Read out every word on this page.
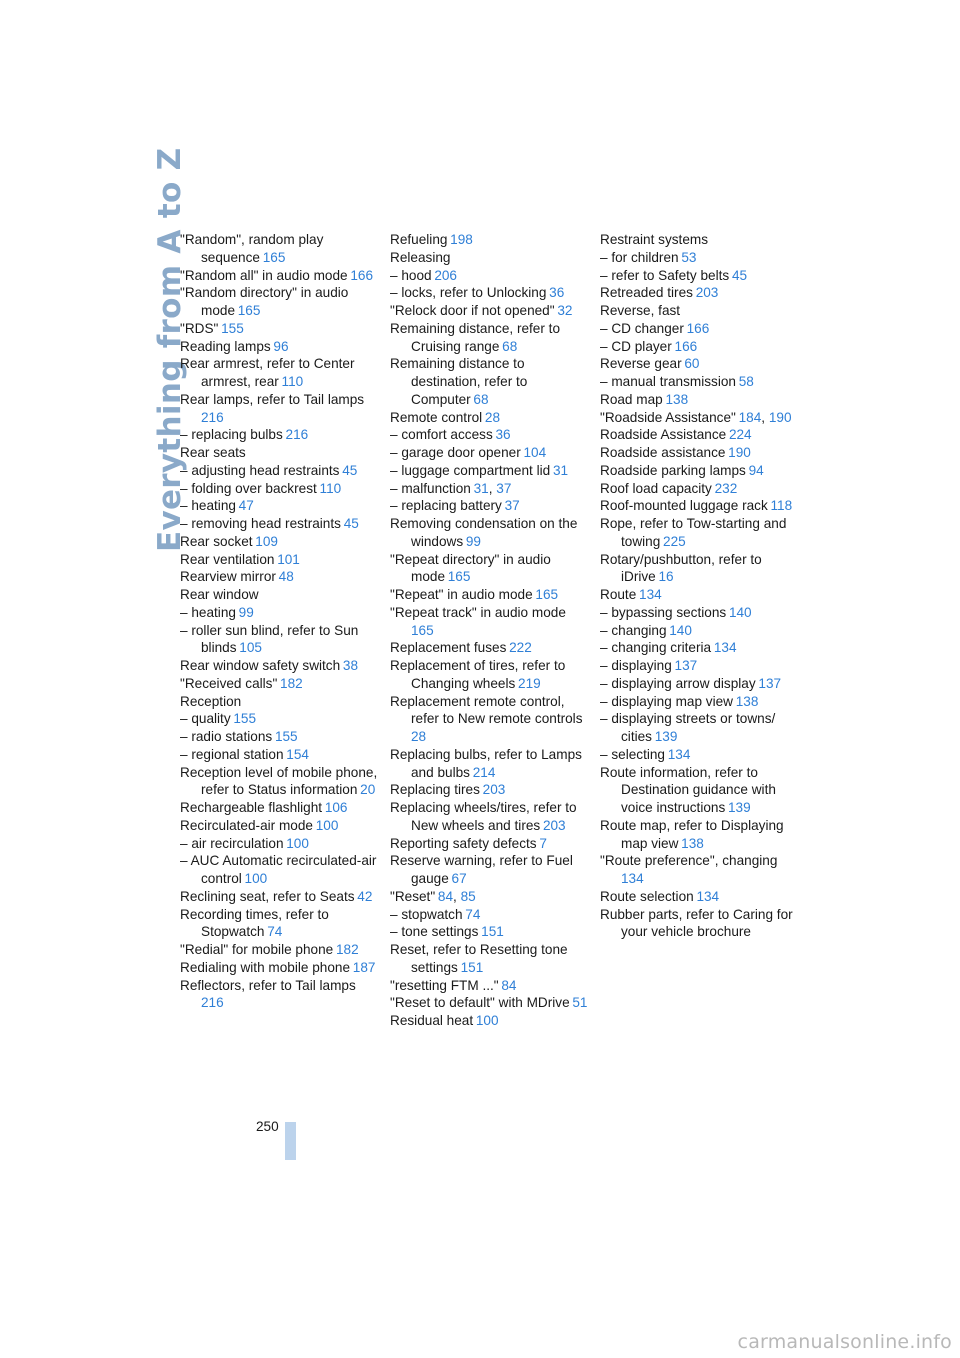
Everything from A to Z
"Random", random play sequence  165
"Random all" in audio mode  166
"Random directory" in audio mode  165
"RDS"  155
Reading lamps  96
Rear armrest, refer to Center armrest, rear  110
Rear lamps, refer to Tail lamps 216
– replacing bulbs  216
Rear seats
– adjusting head restraints  45
– folding over backrest  110
– heating  47
– removing head restraints  45
Rear socket  109
Rear ventilation  101
Rearview mirror  48
Rear window
– heating  99
– roller sun blind, refer to Sun blinds  105
Rear window safety switch  38
"Received calls"  182
Reception
– quality  155
– radio stations  155
– regional station  154
Reception level of mobile phone, refer to Status information  20
Rechargeable flashlight  106
Recirculated-air mode  100
– air recirculation  100
– AUC Automatic recirculated-air control  100
Reclining seat, refer to Seats  42
Recording times, refer to Stopwatch  74
"Redial" for mobile phone  182
Redialing with mobile phone  187
Reflectors, refer to Tail lamps 216
Refueling  198
Releasing
– hood  206
– locks, refer to Unlocking  36
"Relock door if not opened"  32
Remaining distance, refer to Cruising range  68
Remaining distance to destination, refer to Computer  68
Remote control  28
– comfort access  36
– garage door opener  104
– luggage compartment lid  31
– malfunction  31, 37
– replacing battery  37
Removing condensation on the windows  99
"Repeat directory" in audio mode  165
"Repeat" in audio mode  165
"Repeat track" in audio mode 165
Replacement fuses  222
Replacement of tires, refer to Changing wheels  219
Replacement remote control, refer to New remote controls 28
Replacing bulbs, refer to Lamps and bulbs  214
Replacing tires  203
Replacing wheels/tires, refer to New wheels and tires  203
Reporting safety defects  7
Reserve warning, refer to Fuel gauge  67
"Reset"  84, 85
– stopwatch  74
– tone settings  151
Reset, refer to Resetting tone settings  151
"resetting FTM ..."  84
"Reset to default" with MDrive  51
Residual heat  100
Restraint systems
– for children  53
– refer to Safety belts  45
Retreaded tires  203
Reverse, fast
– CD changer  166
– CD player  166
Reverse gear  60
– manual transmission  58
Road map  138
"Roadside Assistance"  184, 190
Roadside Assistance  224
Roadside assistance  190
Roadside parking lamps  94
Roof load capacity  232
Roof-mounted luggage rack  118
Rope, refer to Tow-starting and towing  225
Rotary/pushbutton, refer to iDrive  16
Route  134
– bypassing sections  140
– changing  140
– changing criteria  134
– displaying  137
– displaying arrow display  137
– displaying map view  138
– displaying streets or towns/ cities  139
– selecting  134
Route information, refer to Destination guidance with voice instructions  139
Route map, refer to Displaying map view  138
"Route preference", changing 134
Route selection  134
Rubber parts, refer to Caring for your vehicle brochure
250
carmanualsonline.info
